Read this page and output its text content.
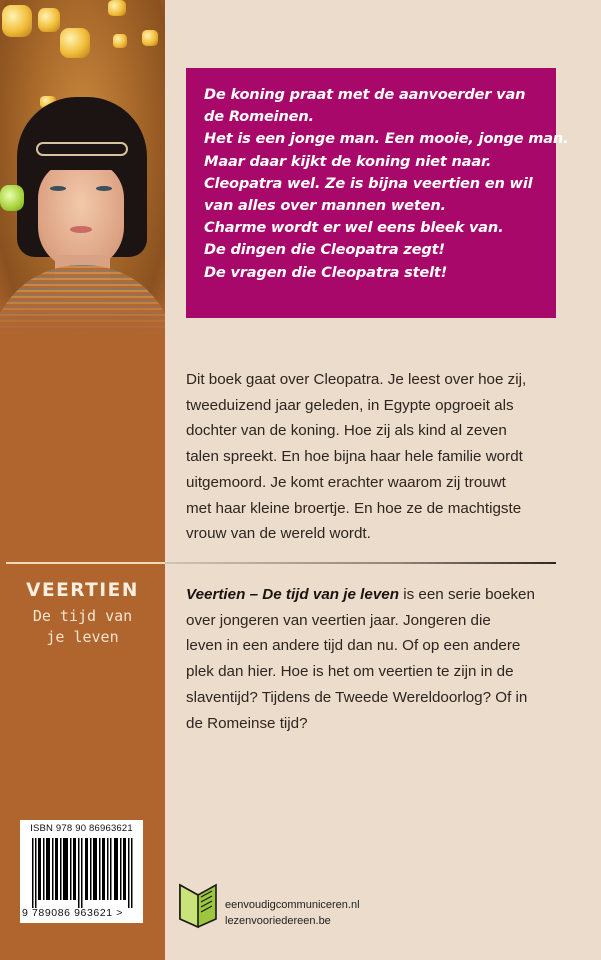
De koning praat met de aanvoerder van
de Romeinen.
Het is een jonge man. Een mooie, jonge man.
Maar daar kijkt de koning niet naar.
Cleopatra wel. Ze is bijna veertien en wil
van alles over mannen weten.
Charme wordt er wel eens bleek van.
De dingen die Cleopatra zegt!
De vragen die Cleopatra stelt!
Dit boek gaat over Cleopatra. Je leest over hoe zij,
tweeduizend jaar geleden, in Egypte opgroeit als
dochter van de koning. Hoe zij als kind al zeven
talen spreekt. En hoe bijna haar hele familie wordt
uitgemoord. Je komt erachter waarom zij trouwt
met haar kleine broertje. En hoe ze de machtigste
vrouw van de wereld wordt.
VEERTIEN
De tijd van
je leven
Veertien – De tijd van je leven is een serie boeken
over jongeren van veertien jaar. Jongeren die
leven in een andere tijd dan nu. Of op een andere
plek dan hier. Hoe is het om veertien te zijn in de
slaventijd? Tijdens de Tweede Wereldoorlog? Of in
de Romeinse tijd?
ISBN 978 90 86963621
9 789086 963621 >
eenvoudigcommuniceren.nl
lezenvooriedereen.be
